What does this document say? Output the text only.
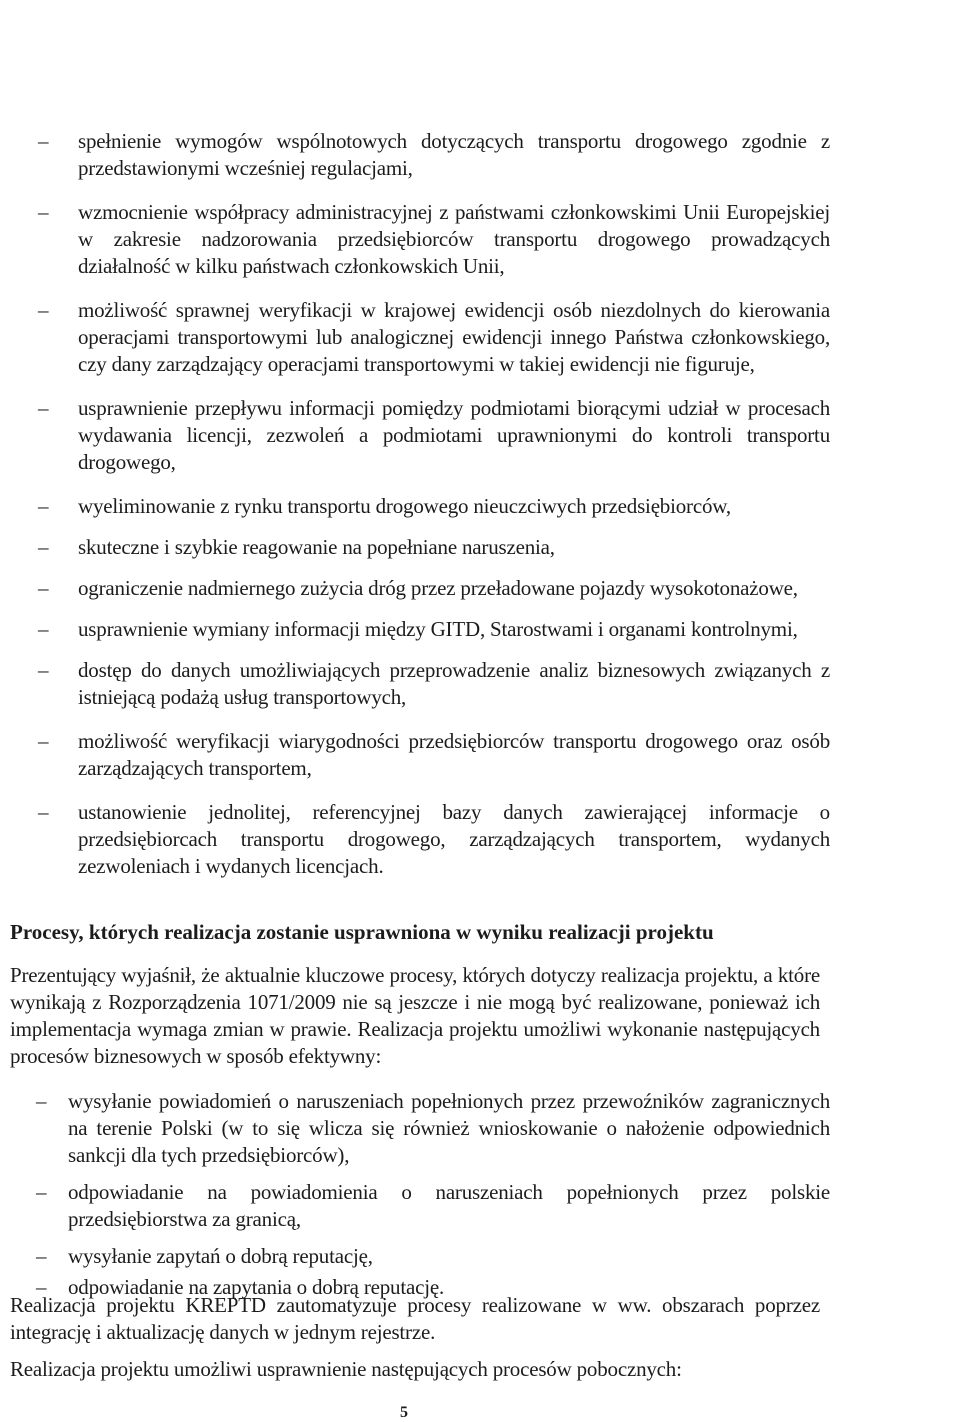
–	spełnienie wymogów wspólnotowych dotyczących transportu drogowego zgodnie z przedstawionymi wcześniej regulacjami,
–	wzmocnienie współpracy administracyjnej z państwami członkowskimi Unii Europejskiej w zakresie nadzorowania przedsiębiorców transportu drogowego prowadzących działalność w kilku państwach członkowskich Unii,
–	możliwość sprawnej weryfikacji w krajowej ewidencji osób niezdolnych do kierowania operacjami transportowymi lub analogicznej ewidencji innego Państwa członkowskiego, czy dany zarządzający operacjami transportowymi w takiej ewidencji nie figuruje,
–	usprawnienie przepływu informacji pomiędzy podmiotami biorącymi udział w procesach wydawania licencji, zezwoleń a podmiotami uprawnionymi do kontroli transportu drogowego,
–	wyeliminowanie z rynku transportu drogowego nieuczciwych przedsiębiorców,
–	skuteczne i szybkie reagowanie na popełniane naruszenia,
–	ograniczenie nadmiernego zużycia dróg przez przeładowane pojazdy wysokotonażowe,
–	usprawnienie wymiany informacji między GITD, Starostwami i organami kontrolnymi,
–	dostęp do danych umożliwiających przeprowadzenie analiz biznesowych związanych z istniejącą podażą usług transportowych,
–	możliwość weryfikacji wiarygodności przedsiębiorców transportu drogowego oraz osób zarządzających transportem,
–	ustanowienie jednolitej, referencyjnej bazy danych zawierającej informacje o przedsiębiorcach transportu drogowego, zarządzających transportem, wydanych zezwoleniach i wydanych licencjach.
Procesy, których realizacja zostanie usprawniona w wyniku realizacji projektu

Prezentujący wyjaśnił, że aktualnie kluczowe procesy, których dotyczy realizacja projektu, a które wynikają z Rozporządzenia 1071/2009 nie są jeszcze i nie mogą być realizowane, ponieważ ich implementacja wymaga zmian w prawie. Realizacja projektu umożliwi wykonanie następujących procesów biznesowych w sposób efektywny:

–	wysyłanie powiadomień o naruszeniach popełnionych przez przewoźników zagranicznych na terenie Polski (w to się wlicza się również wnioskowanie o nałożenie odpowiednich sankcji dla tych przedsiębiorców),
–	odpowiadanie na powiadomienia o naruszeniach popełnionych przez polskie przedsiębiorstwa za granicą,
–	wysyłanie zapytań o dobrą reputację,
–	odpowiadanie na zapytania o dobrą reputację.

Realizacja projektu KREPTD zautomatyzuje procesy realizowane w ww. obszarach poprzez integrację i aktualizację danych w jednym rejestrze.

Realizacja projektu umożliwi usprawnienie następujących procesów pobocznych:

5
